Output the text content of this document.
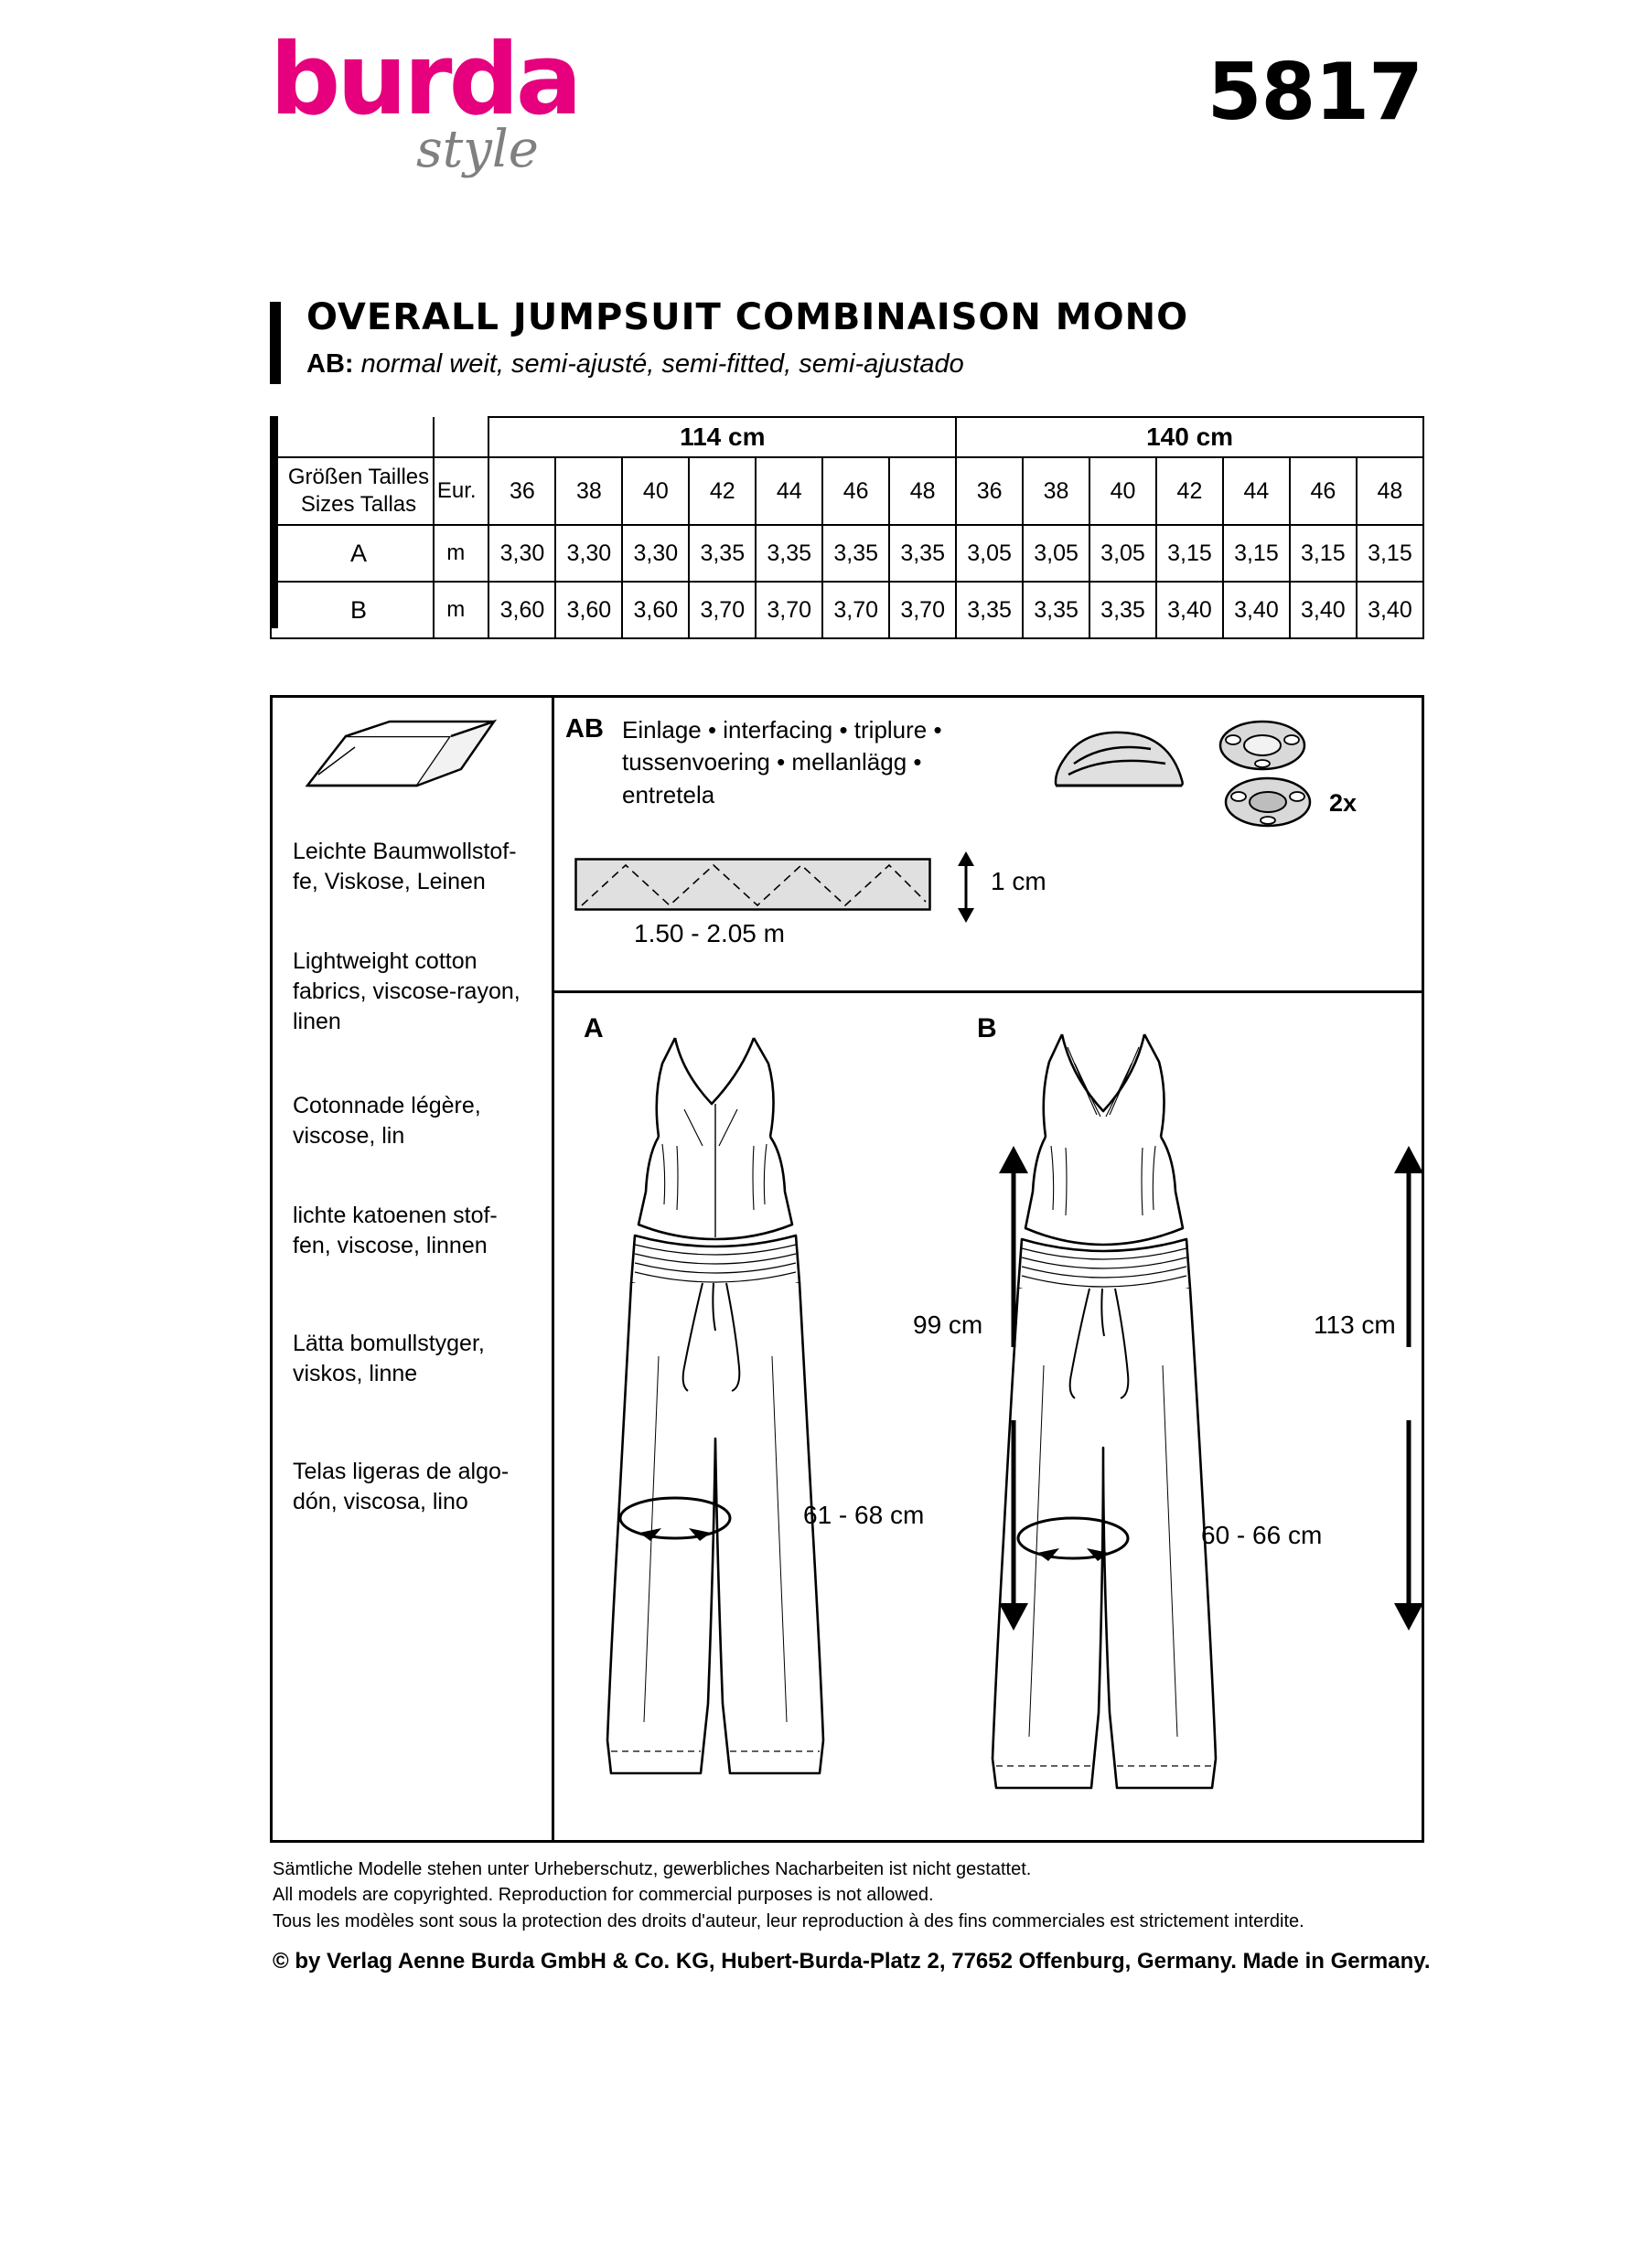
burda
style
5817
OVERALL JUMPSUIT COMBINAISON MONO
AB: normal weit, semi-ajusté, semi-fitted, semi-ajustado
		114 cm							140 cm						

Größen Tailles
Sizes Tallas	Eur.	36	38	40	42	44	46	48	36	38	40	42	44	46	48
A	m	3,30	3,30	3,30	3,35	3,35	3,35	3,35	3,05	3,05	3,05	3,15	3,15	3,15	3,15
B	m	3,60	3,60	3,60	3,70	3,70	3,70	3,70	3,35	3,35	3,35	3,40	3,40	3,40	3,40
Leichte Baumwollstof-
fe, Viskose, Leinen
Lightweight cotton
fabrics, viscose-rayon,
linen
Cotonnade légère,
viscose, lin
lichte katoenen stof-
fen, viscose, linnen
Lätta bomullstyger,
viskos, linne
Telas ligeras de algo-
dón, viscosa, lino
AB Einlage • interfacing • triplure • tussenvoering • mellanlägg • entretela	2x
1.50 - 2.05 m
1 cm
A	B
99 cm	113 cm
61 - 68 cm
60 - 66 cm
Sämtliche Modelle stehen unter Urheberschutz, gewerbliches Nacharbeiten ist nicht gestattet.
All models are copyrighted. Reproduction for commercial purposes is not allowed.
Tous les modèles sont sous la protection des droits d'auteur, leur reproduction à des fins commerciales est strictement interdite.
© by Verlag Aenne Burda GmbH & Co. KG, Hubert-Burda-Platz 2, 77652 Offenburg, Germany. Made in Germany.
